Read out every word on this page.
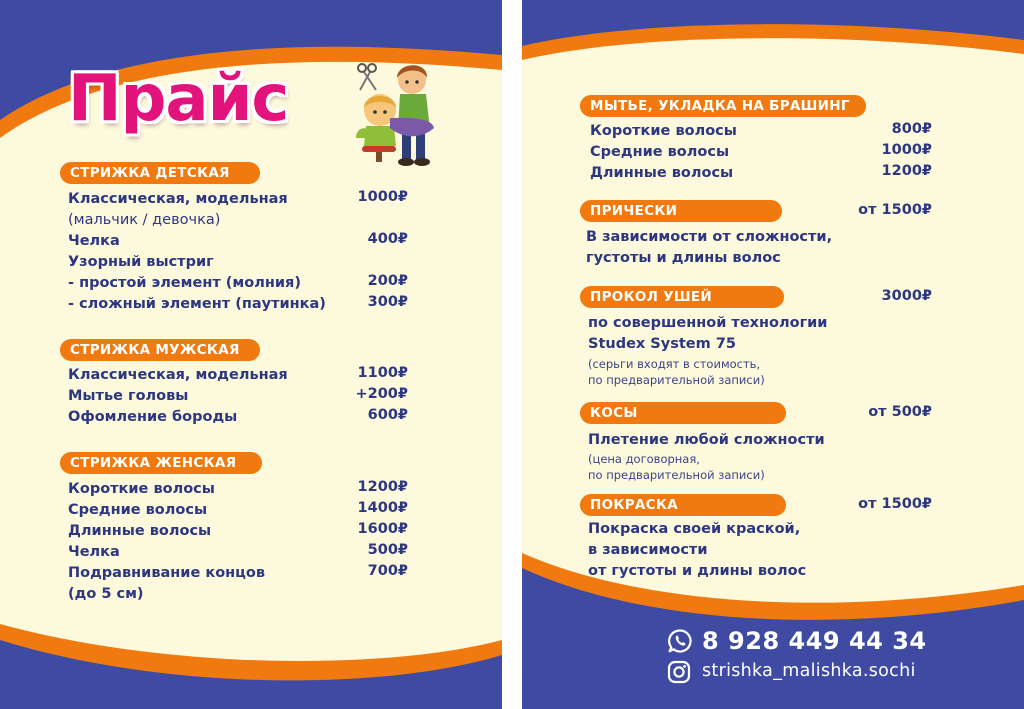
Прайс
СТРИЖКА ДЕТСКАЯ
Классическая, модельная	1000₽
(мальчик / девочка)
Челка	400₽
Узорный выстриг
- простой элемент (молния)	200₽
- сложный элемент (паутинка)	300₽
СТРИЖКА МУЖСКАЯ
Классическая, модельная	1100₽
Мытье головы	+200₽
Офомление бороды	600₽
СТРИЖКА ЖЕНСКАЯ
Короткие волосы	1200₽
Средние волосы	1400₽
Длинные волосы	1600₽
Челка	500₽
Подравнивание концов	700₽
(до 5 см)
МЫТЬЕ, УКЛАДКА НА БРАШИНГ
Короткие волосы	800₽
Средние волосы	1000₽
Длинные волосы	1200₽
ПРИЧЕСКИ	от 1500₽
В зависимости от сложности,
густоты и длины волос
ПРОКОЛ УШЕЙ	3000₽
по совершенной технологии
Studex System 75
(серьги входят в стоимость,
по предварительной записи)
КОСЫ	от 500₽
Плетение любой сложности
(цена договорная,
по предварительной записи)
ПОКРАСКА	от 1500₽
Покраска своей краской,
в зависимости
от густоты и длины волос
8 928 449 44 34
strishka_malishka.sochi
